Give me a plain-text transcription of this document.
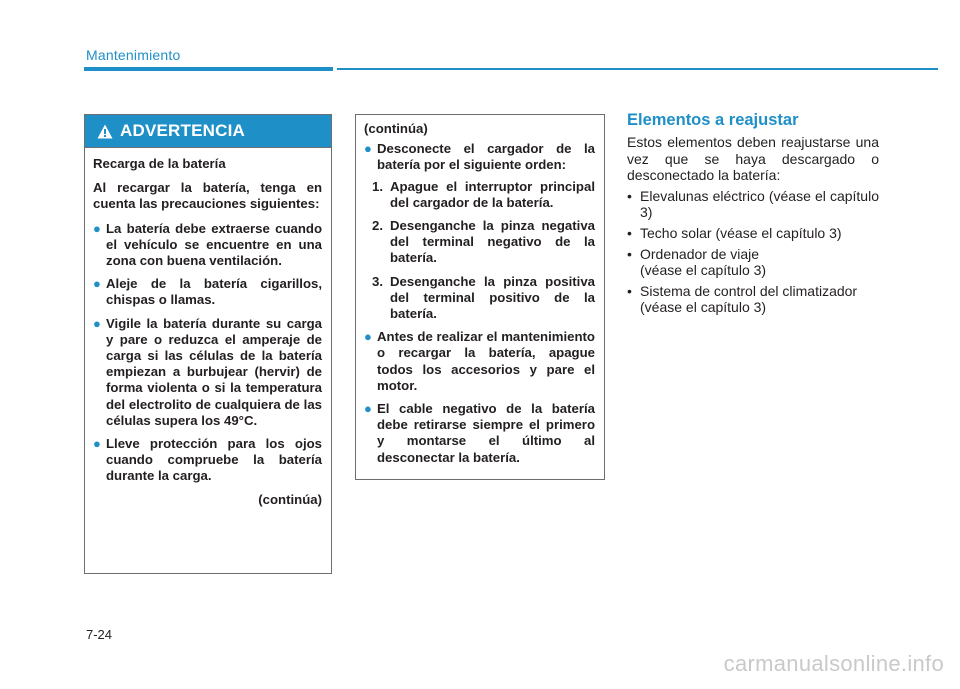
Mantenimiento
ADVERTENCIA

Recarga de la batería

Al recargar la batería, tenga en cuenta las precauciones siguientes:

● La batería debe extraerse cuando el vehículo se encuentre en una zona con buena ventilación.
● Aleje de la batería cigarillos, chispas o llamas.
● Vigile la batería durante su carga y pare o reduzca el amperaje de carga si las células de la batería empiezan a burbujear (hervir) de forma violenta o si la temperatura del electrolito de cualquiera de las células supera los 49°C.
● Lleve protección para los ojos cuando compruebe la batería durante la carga.
(continúa)

(continúa)

● Desconecte el cargador de la batería por el siguiente orden:
1. Apague el interruptor principal del cargador de la batería.
2. Desenganche la pinza negativa del terminal negativo de la batería.
3. Desenganche la pinza positiva del terminal positivo de la batería.
● Antes de realizar el mantenimiento o recargar la batería, apague todos los accesorios y pare el motor.
● El cable negativo de la batería debe retirarse siempre el primero y montarse el último al desconectar la batería.
Elementos a reajustar

Estos elementos deben reajustarse una vez que se haya descargado o desconectado la batería:

• Elevalunas eléctrico (véase el capítulo 3)
• Techo solar (véase el capítulo 3)
• Ordenador de viaje
(véase el capítulo 3)
• Sistema de control del climatizador
(véase el capítulo 3)
7-24
carmanualsonline.info
